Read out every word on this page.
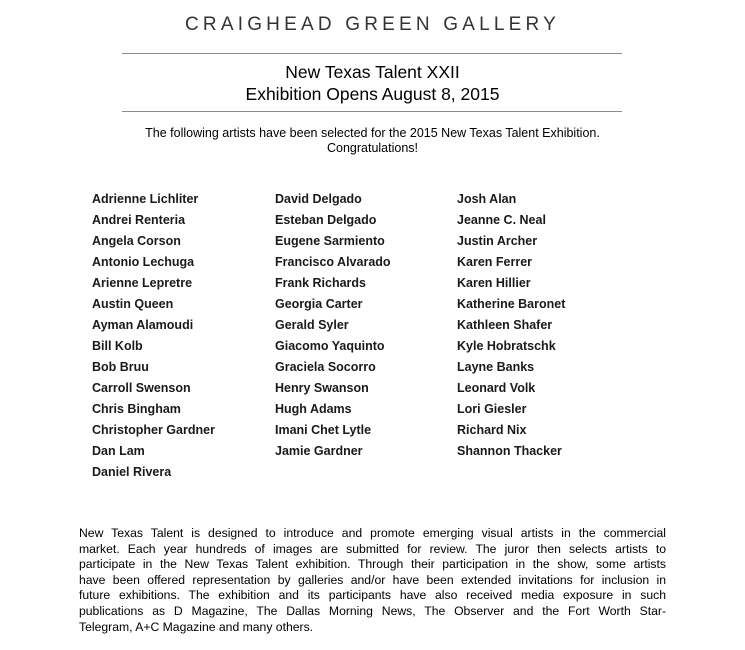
CRAIGHEAD GREEN GALLERY
New Texas Talent XXII
Exhibition Opens August 8, 2015
The following artists have been selected for the 2015 New Texas Talent Exhibition.
Congratulations!
Adrienne Lichliter
Andrei Renteria
Angela Corson
Antonio Lechuga
Arienne Lepretre
Austin Queen
Ayman Alamoudi
Bill Kolb
Bob Bruu
Carroll Swenson
Chris Bingham
Christopher Gardner
Dan Lam
Daniel Rivera
David Delgado
Esteban Delgado
Eugene Sarmiento
Francisco Alvarado
Frank Richards
Georgia Carter
Gerald Syler
Giacomo Yaquinto
Graciela Socorro
Henry Swanson
Hugh Adams
Imani Chet Lytle
Jamie Gardner
Josh Alan
Jeanne C. Neal
Justin Archer
Karen Ferrer
Karen Hillier
Katherine Baronet
Kathleen Shafer
Kyle Hobratschk
Layne Banks
Leonard Volk
Lori Giesler
Richard Nix
Shannon Thacker
New Texas Talent is designed to introduce and promote emerging visual artists in the commercial
market. Each year hundreds of images are submitted for review. The juror then selects artists to
participate in the New Texas Talent exhibition. Through their participation in the show, some artists
have been offered representation by galleries and/or have been extended invitations for inclusion in
future exhibitions. The exhibition and its participants have also received media exposure in such
publications as D Magazine, The Dallas Morning News, The Observer and the Fort Worth Star-
Telegram, A+C Magazine and many others.
